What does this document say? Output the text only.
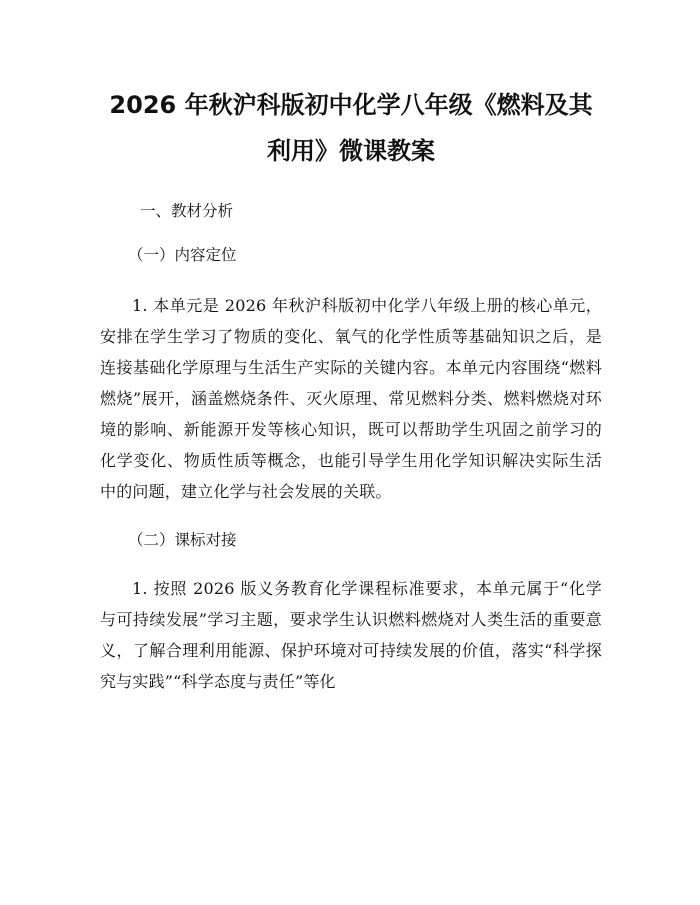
2026 年秋沪科版初中化学八年级《燃料及其利用》微课教案
一、教材分析
（一）内容定位
1. 本单元是 2026 年秋沪科版初中化学八年级上册的核心单元，安排在学生学习了物质的变化、氧气的化学性质等基础知识之后，是连接基础化学原理与生活生产实际的关键内容。本单元内容围绕“燃料燃烧”展开，涵盖燃烧条件、灭火原理、常见燃料分类、燃料燃烧对环境的影响、新能源开发等核心知识，既可以帮助学生巩固之前学习的化学变化、物质性质等概念，也能引导学生用化学知识解决实际生活中的问题，建立化学与社会发展的关联。
（二）课标对接
1. 按照 2026 版义务教育化学课程标准要求，本单元属于“化学与可持续发展”学习主题，要求学生认识燃料燃烧对人类生活的重要意义，了解合理利用能源、保护环境对可持续发展的价值，落实“科学探究与实践”“科学态度与责任”等化
